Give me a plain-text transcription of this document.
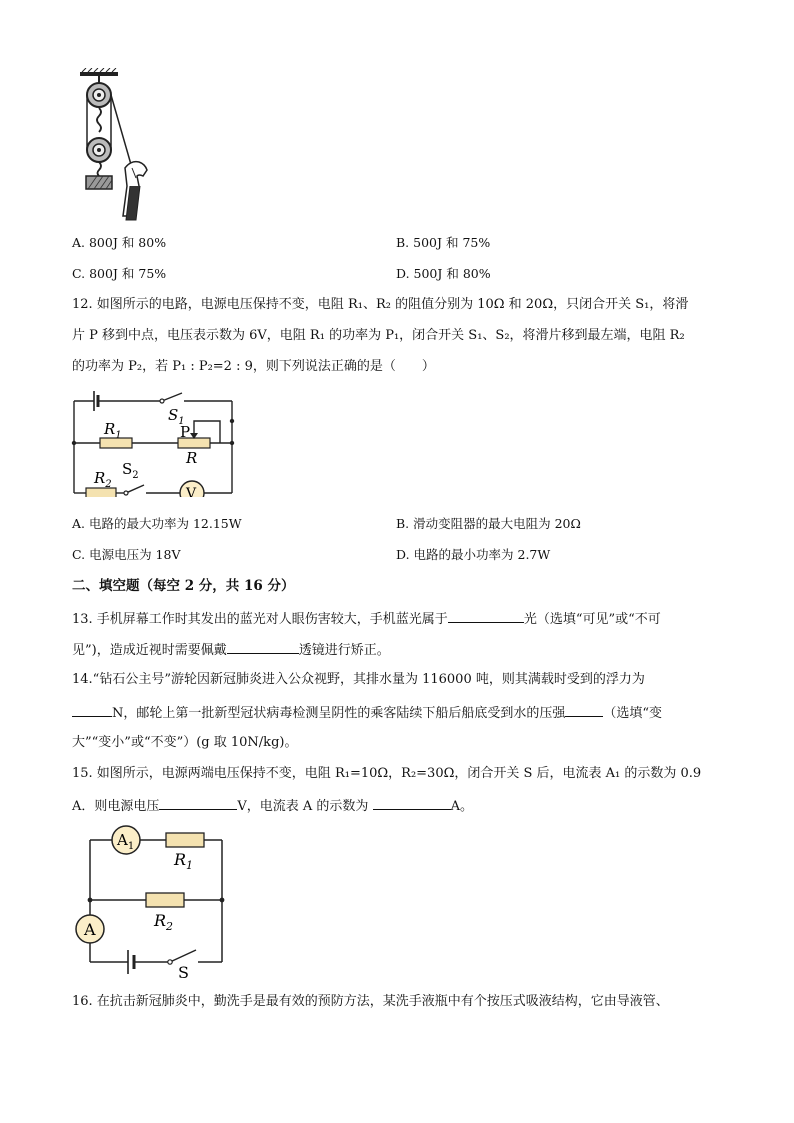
A. 800J 和 80%	B. 500J 和 75%
C. 800J 和 75%	D. 500J 和 80%
12. 如图所示的电路，电源电压保持不变，电阻 R₁、R₂ 的阻值分别为 10Ω 和 20Ω，只闭合开关 S₁，将滑
片 P 移到中点，电压表示数为 6V，电阻 R₁ 的功率为 P₁，闭合开关 S₁、S₂，将滑片移到最左端，电阻 R₂
的功率为 P₂，若 P₁ : P₂=2 : 9，则下列说法正确的是（　　）
$S_1$
$R_1$	P
R
$R_2$
$S_2$
V
A. 电路的最大功率为 12.15W	B. 滑动变阻器的最大电阻为 20Ω
C. 电源电压为 18V	D. 电路的最小功率为 2.7W
二、填空题（每空 2 分，共 16 分）
13. 手机屏幕工作时其发出的蓝光对人眼伤害较大，手机蓝光属于	光（选填“可见”或“不可
见”)，造成近视时需要佩戴	透镜进行矫正。
14.“钻石公主号”游轮因新冠肺炎进入公众视野，其排水量为 116000 吨，则其满载时受到的浮力为
N，邮轮上第一批新型冠状病毒检测呈阴性的乘客陆续下船后船底受到水的压强	（选填“变
大”“变小”或“不变”）(g 取 10N/kg)。
15. 如图所示，电源两端电压保持不变，电阻 R₁=10Ω，R₂=30Ω，闭合开关 S 后，电流表 A₁ 的示数为 0.9
A．则电源电压	V，电流表 A 的示数为	A。
$A_1$
A
$R_1$
$R_2$
S
16. 在抗击新冠肺炎中，勤洗手是最有效的预防方法，某洗手液瓶中有个按压式吸液结构，它由导液管、
